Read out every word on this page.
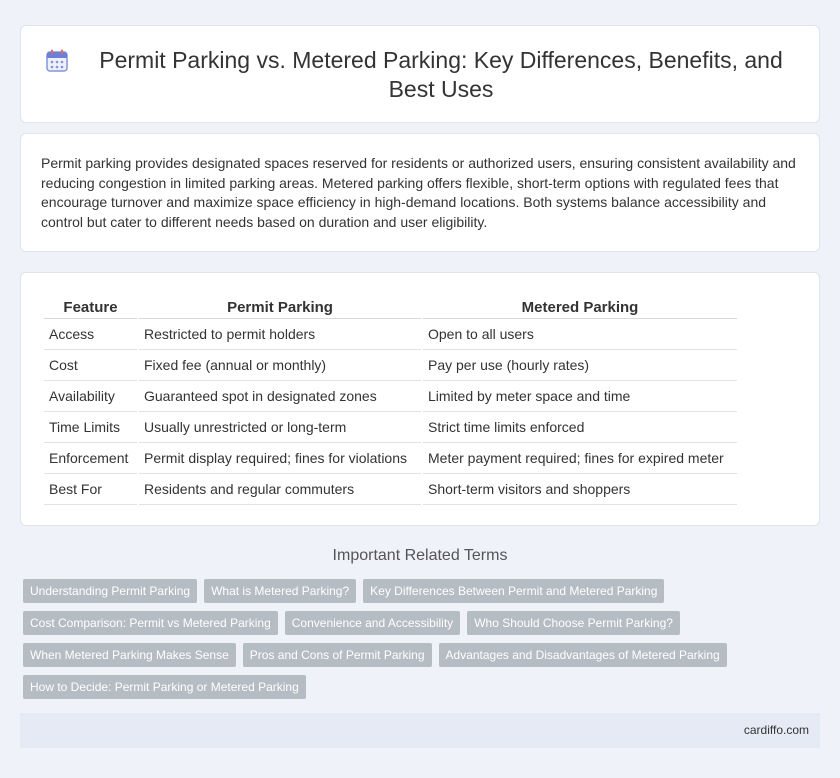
Permit Parking vs. Metered Parking: Key Differences, Benefits, and Best Uses

Permit parking provides designated spaces reserved for residents or authorized users, ensuring consistent availability and reducing congestion in limited parking areas. Metered parking offers flexible, short-term options with regulated fees that encourage turnover and maximize space efficiency in high-demand locations. Both systems balance accessibility and control but cater to different needs based on duration and user eligibility.

Feature	Permit Parking	Metered Parking
Access	Restricted to permit holders	Open to all users
Cost	Fixed fee (annual or monthly)	Pay per use (hourly rates)
Availability	Guaranteed spot in designated zones	Limited by meter space and time
Time Limits	Usually unrestricted or long-term	Strict time limits enforced
Enforcement	Permit display required; fines for violations	Meter payment required; fines for expired meter
Best For	Residents and regular commuters	Short-term visitors and shoppers
Important Related Terms
Understanding Permit Parking	What is Metered Parking?	Key Differences Between Permit and Metered Parking
Cost Comparison: Permit vs Metered Parking	Convenience and Accessibility	Who Should Choose Permit Parking?
When Metered Parking Makes Sense	Pros and Cons of Permit Parking	Advantages and Disadvantages of Metered Parking
How to Decide: Permit Parking or Metered Parking
cardiffo.com
